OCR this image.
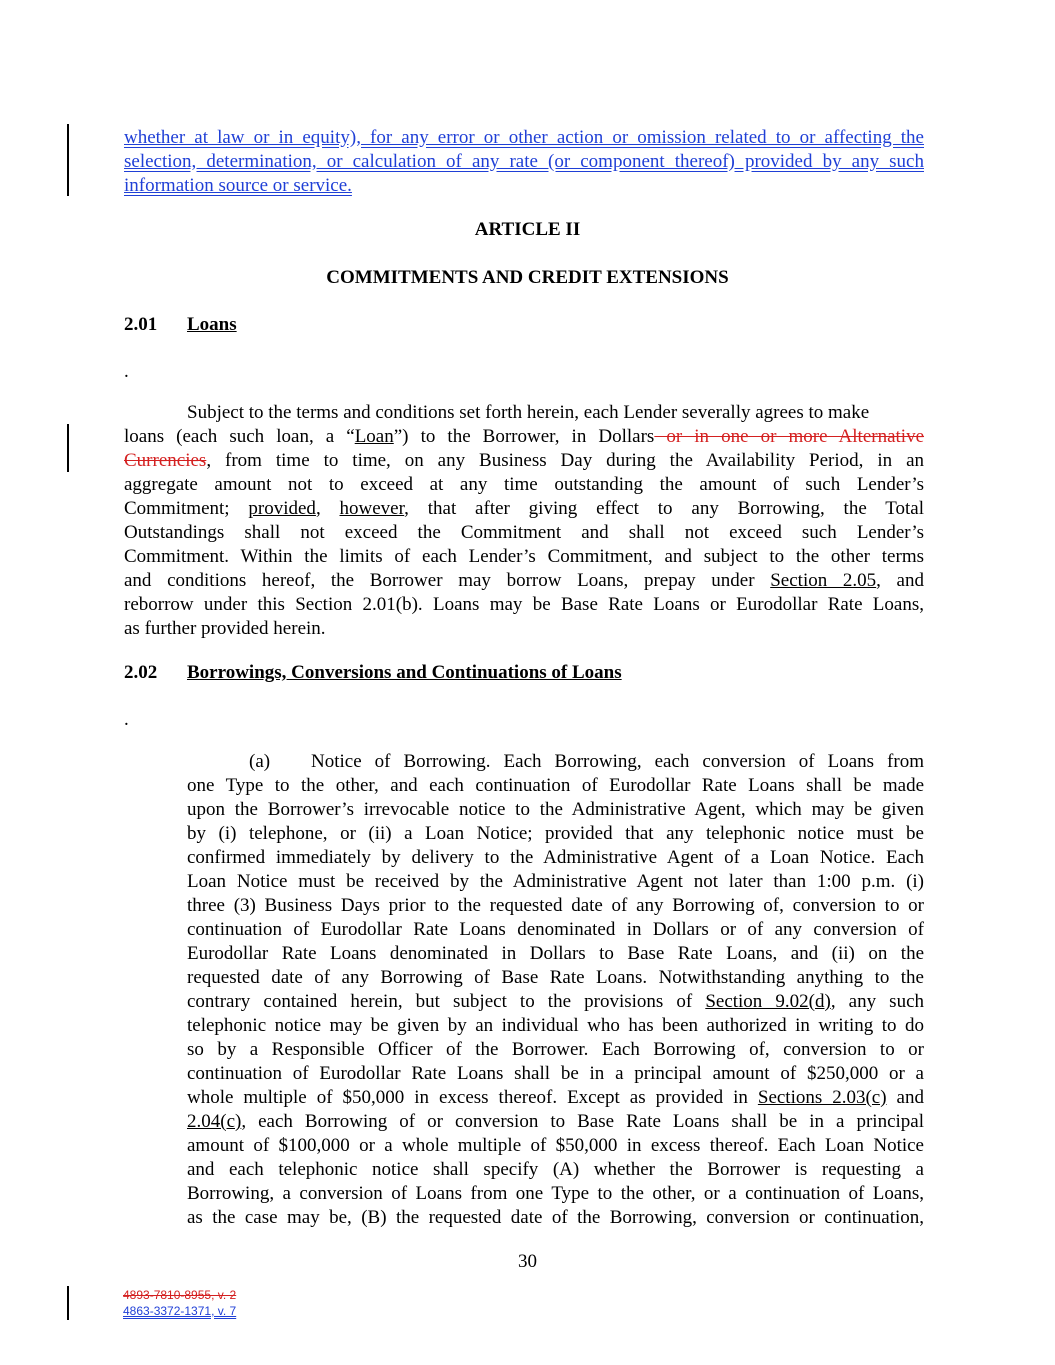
whether at law or in equity), for any error or other action or omission related to or affecting the
selection, determination, or calculation of any rate (or component thereof) provided by any such
information source or service.
ARTICLE II
COMMITMENTS AND CREDIT EXTENSIONS
2.01 Loans
.
Subject to the terms and conditions set forth herein, each Lender severally agrees to make
loans (each such loan, a “Loan”) to the Borrower, in Dollars or in one or more Alternative
Currencies, from time to time, on any Business Day during the Availability Period, in an
aggregate amount not to exceed at any time outstanding the amount of such Lender’s
Commitment; provided, however, that after giving effect to any Borrowing, the Total
Outstandings shall not exceed the Commitment and shall not exceed such Lender’s
Commitment. Within the limits of each Lender’s Commitment, and subject to the other terms
and conditions hereof, the Borrower may borrow Loans, prepay under Section 2.05, and
reborrow under this Section 2.01(b). Loans may be Base Rate Loans or Eurodollar Rate Loans,
as further provided herein.
2.02 Borrowings, Conversions and Continuations of Loans
.
(a) Notice of Borrowing. Each Borrowing, each conversion of Loans from
one Type to the other, and each continuation of Eurodollar Rate Loans shall be made
upon the Borrower’s irrevocable notice to the Administrative Agent, which may be given
by (i) telephone, or (ii) a Loan Notice; provided that any telephonic notice must be
confirmed immediately by delivery to the Administrative Agent of a Loan Notice. Each
Loan Notice must be received by the Administrative Agent not later than 1:00 p.m. (i)
three (3) Business Days prior to the requested date of any Borrowing of, conversion to or
continuation of Eurodollar Rate Loans denominated in Dollars or of any conversion of
Eurodollar Rate Loans denominated in Dollars to Base Rate Loans, and (ii) on the
requested date of any Borrowing of Base Rate Loans. Notwithstanding anything to the
contrary contained herein, but subject to the provisions of Section 9.02(d), any such
telephonic notice may be given by an individual who has been authorized in writing to do
so by a Responsible Officer of the Borrower. Each Borrowing of, conversion to or
continuation of Eurodollar Rate Loans shall be in a principal amount of $250,000 or a
whole multiple of $50,000 in excess thereof. Except as provided in Sections 2.03(c) and
2.04(c), each Borrowing of or conversion to Base Rate Loans shall be in a principal
amount of $100,000 or a whole multiple of $50,000 in excess thereof. Each Loan Notice
and each telephonic notice shall specify (A) whether the Borrower is requesting a
Borrowing, a conversion of Loans from one Type to the other, or a continuation of Loans,
as the case may be, (B) the requested date of the Borrowing, conversion or continuation,
30
4893-7810-8955, v. 2
4863-3372-1371, v. 7
